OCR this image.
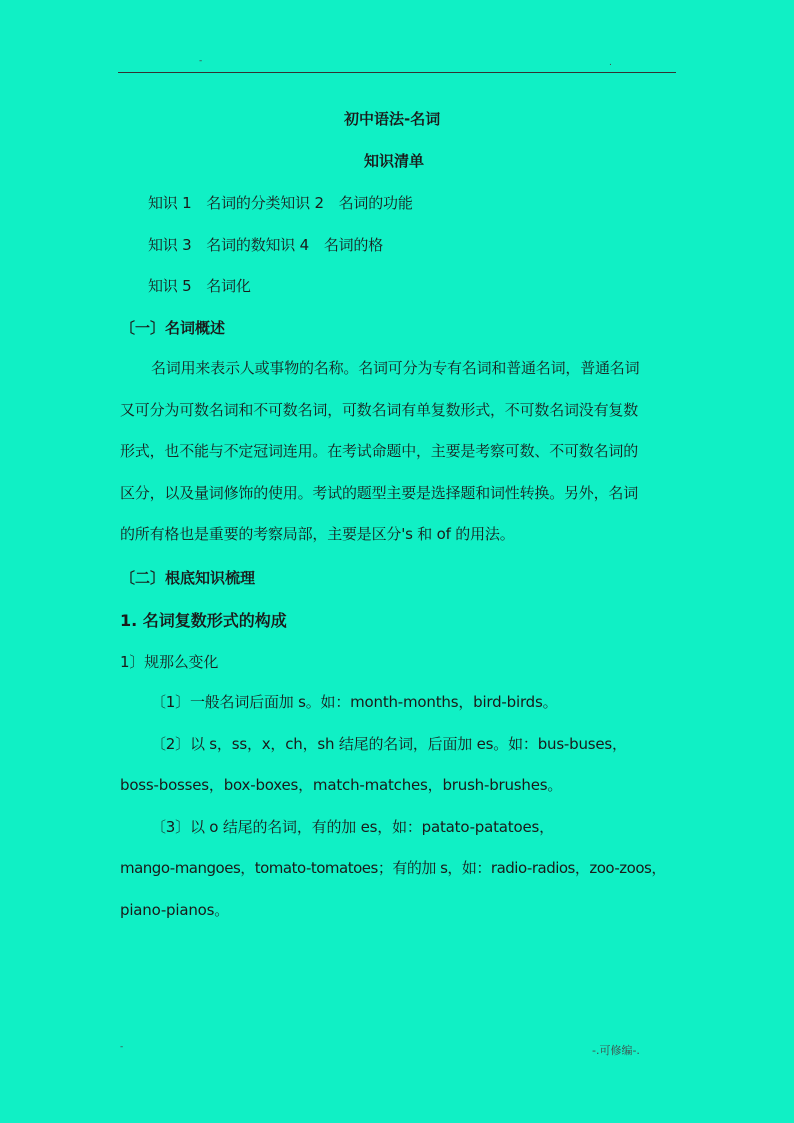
-	.
初中语法-名词
知识清单
知识 1　名词的分类知识 2　名词的功能
知识 3　名词的数知识 4　名词的格
知识 5　名词化
〔一〕名词概述
名词用来表示人或事物的名称。名词可分为专有名词和普通名词，普通名词
又可分为可数名词和不可数名词，可数名词有单复数形式，不可数名词没有复数
形式，也不能与不定冠词连用。在考试命题中，主要是考察可数、不可数名词的
区分，以及量词修饰的使用。考试的题型主要是选择题和词性转换。另外，名词
的所有格也是重要的考察局部，主要是区分's 和 of 的用法。
〔二〕根底知识梳理
1. 名词复数形式的构成
1〕规那么变化
〔1〕一般名词后面加 s。如：month-months，bird-birds。
〔2〕以 s，ss，x，ch，sh 结尾的名词，后面加 es。如：bus-buses，
boss-bosses，box-boxes，match-matches，brush-brushes。
〔3〕以 o 结尾的名词，有的加 es，如：patato-patatoes，
mango-mangoes，tomato-tomatoes；有的加 s，如：radio-radios，zoo-zoos，
piano-pianos。
-	-.可修编-.
